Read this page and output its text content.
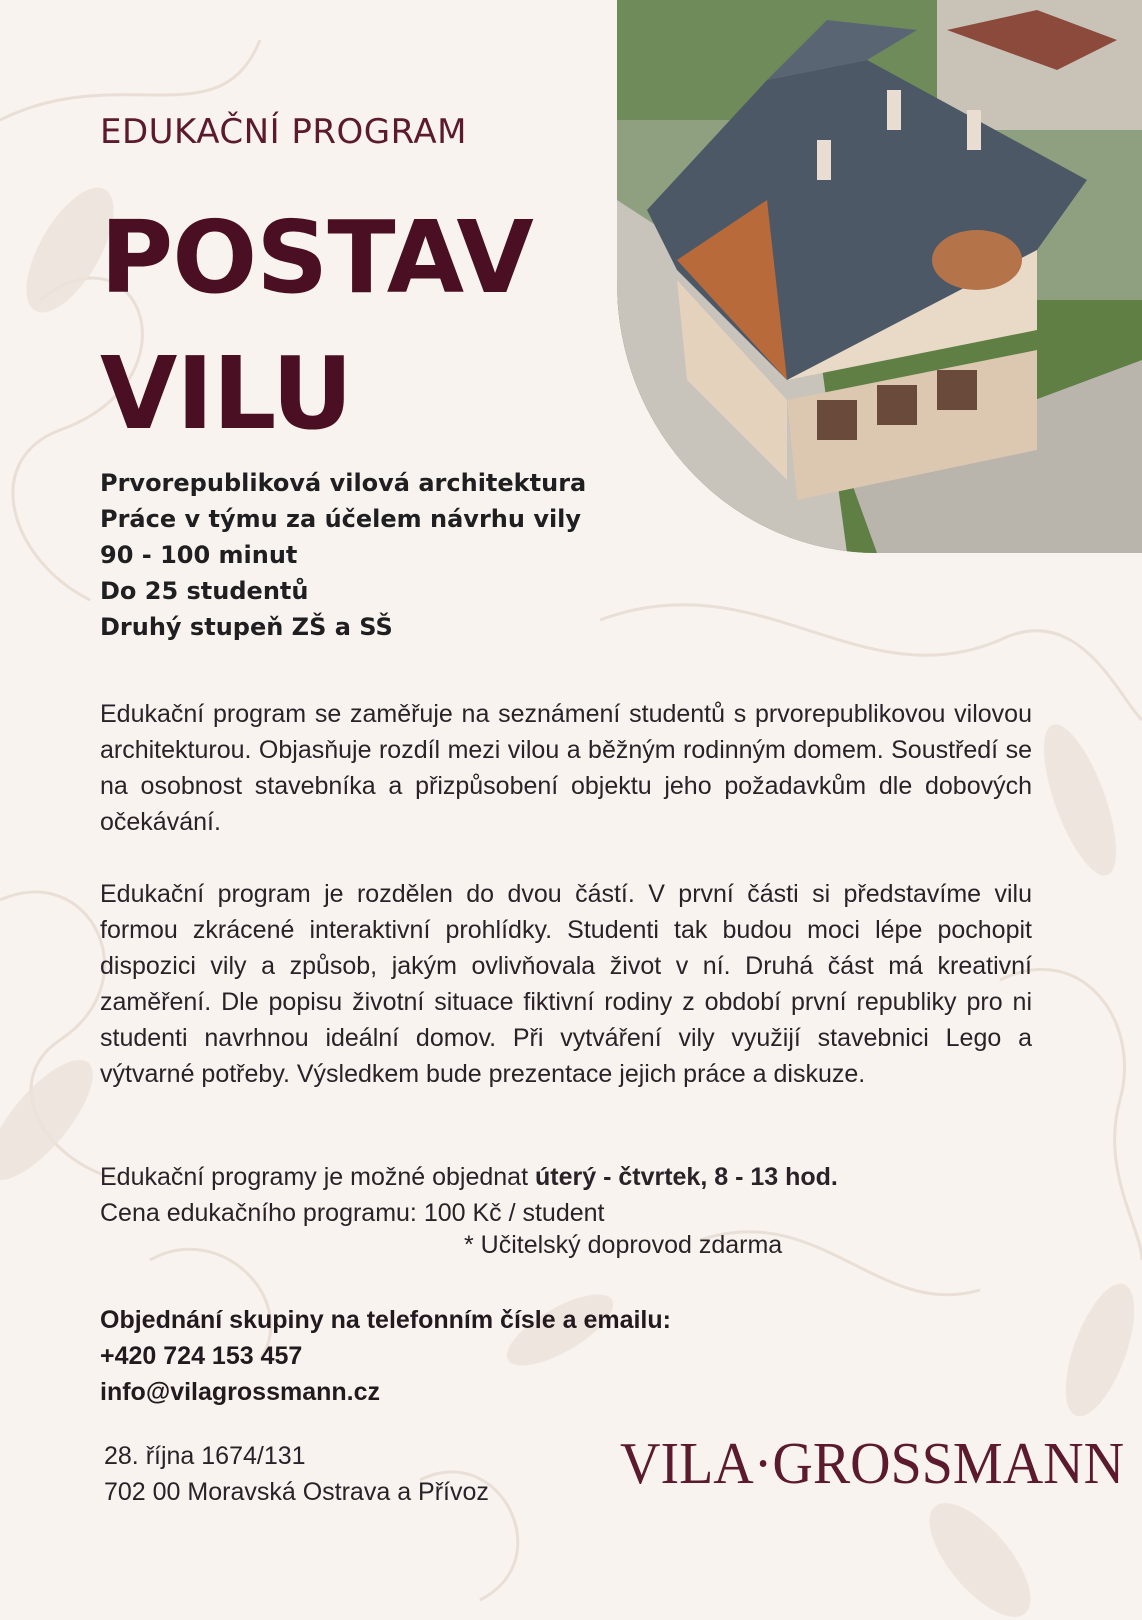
EDUKAČNÍ PROGRAM
POSTAV
VILU
Prvorepubliková vilová architektura
Práce v týmu za účelem návrhu vily
90 - 100 minut
Do 25 studentů
Druhý stupeň ZŠ a SŠ
Edukační program se zaměřuje na seznámení studentů s prvorepublikovou vilovou architekturou. Objasňuje rozdíl mezi vilou a běžným rodinným domem. Soustředí se na osobnost stavebníka a přizpůsobení objektu jeho požadavkům dle dobových očekávání.
Edukační program je rozdělen do dvou částí. V první části si představíme vilu formou zkrácené interaktivní prohlídky. Studenti tak budou moci lépe pochopit dispozici vily a způsob, jakým ovlivňovala život v ní. Druhá část má kreativní zaměření. Dle popisu životní situace fiktivní rodiny z období první republiky pro ni studenti navrhnou ideální domov. Při vytváření vily využijí stavebnici Lego a výtvarné potřeby. Výsledkem bude prezentace jejich práce a diskuze.
Edukační programy je možné objednat úterý - čtvrtek, 8 - 13 hod.
Cena edukačního programu: 100 Kč / student
* Učitelský doprovod zdarma
Objednání skupiny na telefonním čísle a emailu:
+420 724 153 457
info@vilagrossmann.cz
28. října 1674/131
702 00 Moravská Ostrava a Přívoz VILA·GROSSMANN
